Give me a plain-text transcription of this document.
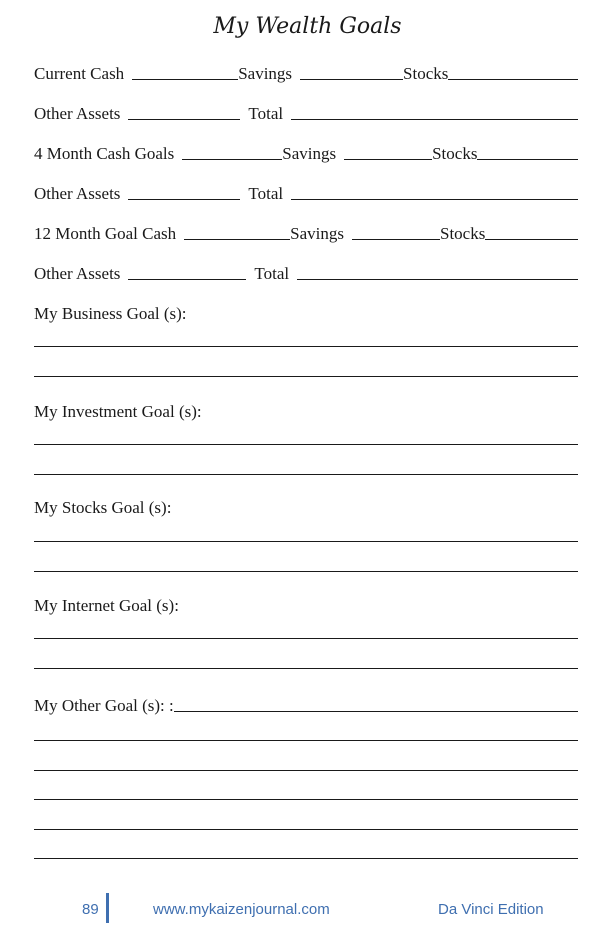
My Wealth Goals
Current Cash	Savings	Stocks
Other Assets	Total
4 Month Cash Goals	Savings	Stocks
Other Assets	Total
12 Month Goal Cash	Savings	Stocks
Other Assets	Total
My Business Goal (s):
My Investment Goal (s):
My Stocks Goal (s):
My Internet Goal (s):
My Other Goal (s): :
89	www.mykaizenjournal.com	Da Vinci Edition
